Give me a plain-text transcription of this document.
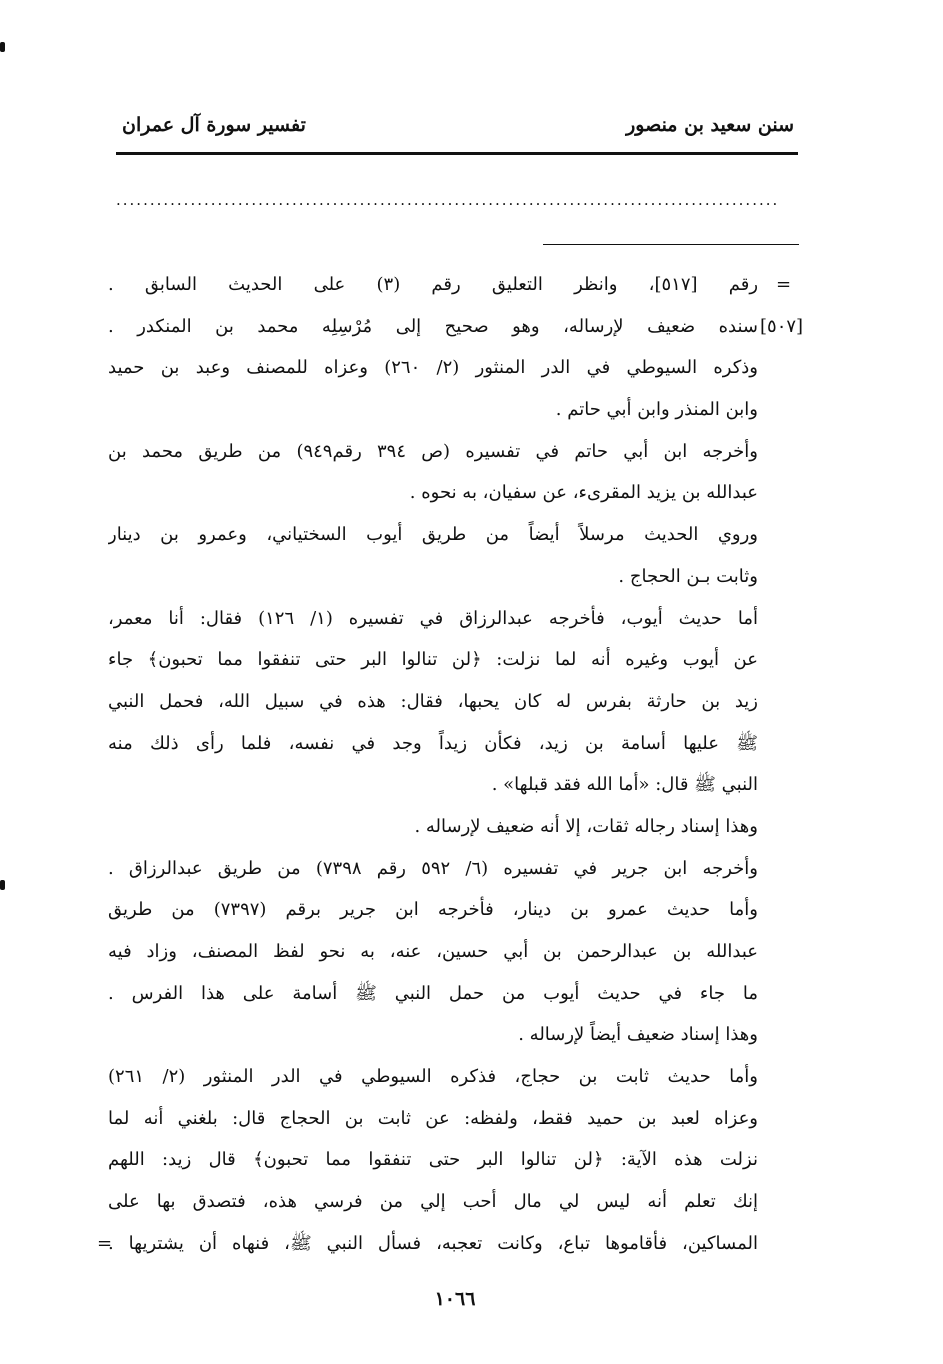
سنن سعيد بن منصور
تفسير سورة آل عمران
··································································································
=
[٥٠٧]
رقم [٥١٧]، وانظر التعليق رقم (٣) على الحديث السابق .
سنده ضعيف لإرساله، وهو صحيح إلى مُرْسِلِه محمد بن المنكدر .
وذكره السيوطي في الدر المنثور (٢/ ٢٦٠) وعزاه للمصنف وعبد بن حميد
وابن المنذر وابن أبي حاتم .
وأخرجه ابن أبي حاتم في تفسيره (ص ٣٩٤ رقم٩٤٩) من طريق محمد بن
عبدالله بن يزيد المقرىء، عن سفيان، به نحوه .
وروي الحديث مرسلاً أيضاً من طريق أيوب السختياني، وعمرو بن دينار
وثابت بـن الحجاج .
أما حديث أيوب، فأخرجه عبدالرزاق في تفسيره (١/ ١٢٦) فقال: أنا معمر،
عن أيوب وغيره أنه لما نزلت: ﴿لن تنالوا البر حتى تنفقوا مما تحبون﴾ جاء
زيد بن حارثة بفرس له كان يحبها، فقال: هذه في سبيل الله، فحمل النبي
ﷺ عليها أسامة بن زيد، فكأن زيداً وجد في نفسه، فلما رأى ذلك منه
النبي ﷺ قال: «أما الله فقد قبلها» .
وهذا إسناد رجاله ثقات، إلا أنه ضعيف لإرساله .
وأخرجه ابن جرير في تفسيره (٦/ ٥٩٢ رقم ٧٣٩٨) من طريق عبدالرزاق .
وأما حديث عمرو بن دينار، فأخرجه ابن جرير برقم (٧٣٩٧) من طريق
عبدالله بن عبدالرحمن بن أبي حسين، عنه، به نحو لفظ المصنف، وزاد فيه
ما جاء في حديث أيوب من حمل النبي ﷺ أسامة على هذا الفرس .
وهذا إسناد ضعيف أيضاً لإرساله .
وأما حديث ثابت بن حجاج، فذكره السيوطي في الدر المنثور (٢/ ٢٦١)
وعزاه لعبد بن حميد فقط، ولفظه: عن ثابت بن الحجاج قال: بلغني أنه لما
نزلت هذه الآية: ﴿لن تنالوا البر حتى تنفقوا مما تحبون﴾ قال زيد: اللهم
إنك تعلم أنه ليس لي مال أحب إلي من فرسي هذه، فتصدق بها على
المساكين، فأقاموها تباع، وكانت تعجبه، فسأل النبي ﷺ، فنهاه أن يشتريها .
=
١٠٦٦
